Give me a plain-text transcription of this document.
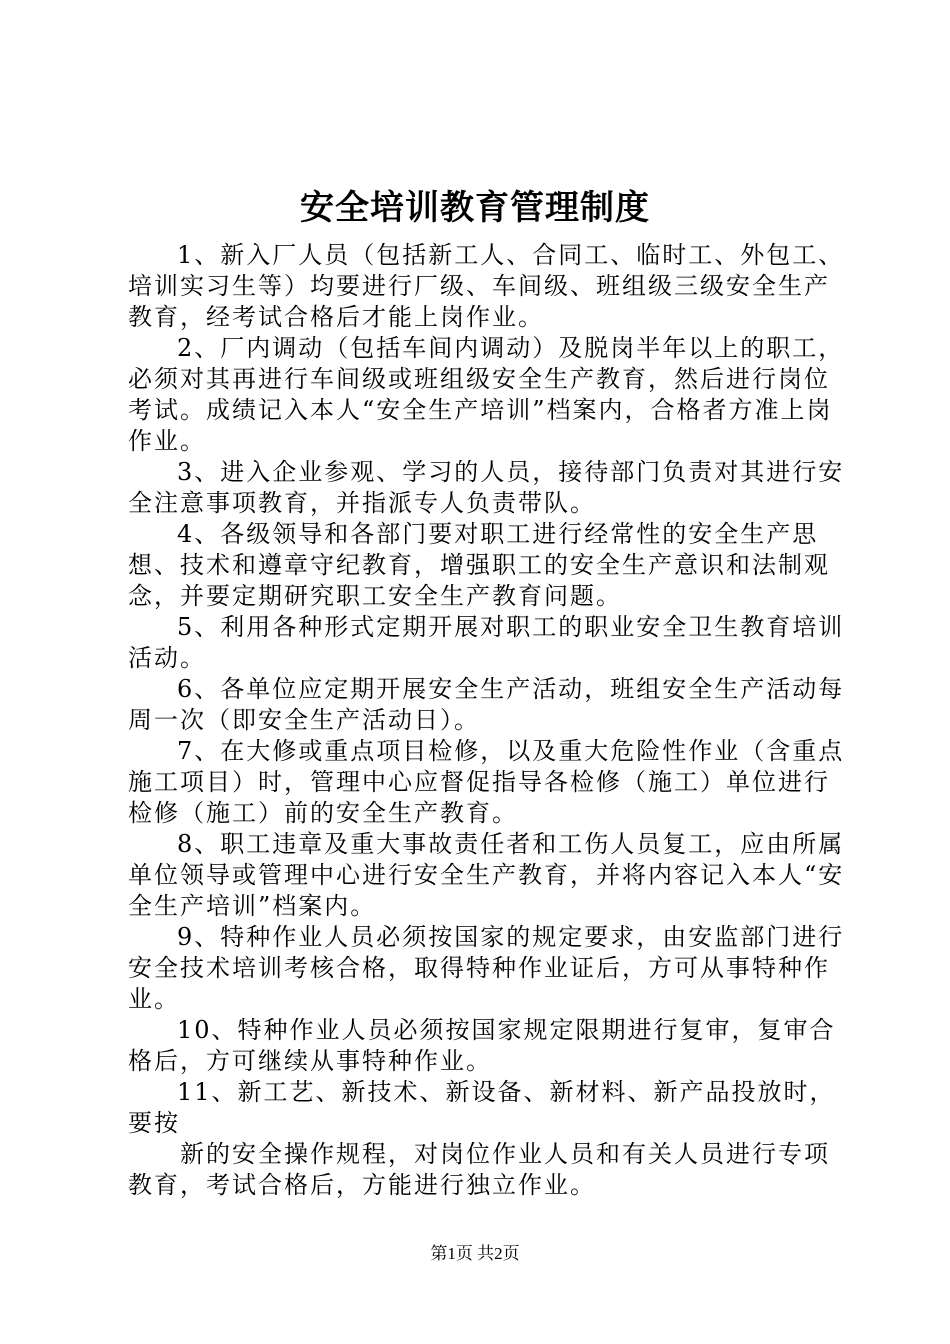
安全培训教育管理制度

1、新入厂人员（包括新工人、合同工、临时工、外包工、培训实习生等）均要进行厂级、车间级、班组级三级安全生产教育，经考试合格后才能上岗作业。

2、厂内调动（包括车间内调动）及脱岗半年以上的职工，必须对其再进行车间级或班组级安全生产教育，然后进行岗位考试。成绩记入本人“安全生产培训”档案内，合格者方准上岗作业。

3、进入企业参观、学习的人员，接待部门负责对其进行安全注意事项教育，并指派专人负责带队。

4、各级领导和各部门要对职工进行经常性的安全生产思想、技术和遵章守纪教育，增强职工的安全生产意识和法制观念，并要定期研究职工安全生产教育问题。

5、利用各种形式定期开展对职工的职业安全卫生教育培训活动。

6、各单位应定期开展安全生产活动，班组安全生产活动每周一次（即安全生产活动日）。

7、在大修或重点项目检修，以及重大危险性作业（含重点施工项目）时，管理中心应督促指导各检修（施工）单位进行检修（施工）前的安全生产教育。

8、职工违章及重大事故责任者和工伤人员复工，应由所属单位领导或管理中心进行安全生产教育，并将内容记入本人“安全生产培训”档案内。

9、特种作业人员必须按国家的规定要求，由安监部门进行安全技术培训考核合格，取得特种作业证后，方可从事特种作业。

10、特种作业人员必须按国家规定限期进行复审，复审合格后，方可继续从事特种作业。

11、新工艺、新技术、新设备、新材料、新产品投放时，要按

新的安全操作规程，对岗位作业人员和有关人员进行专项教育，考试合格后，方能进行独立作业。

第1页 共2页
